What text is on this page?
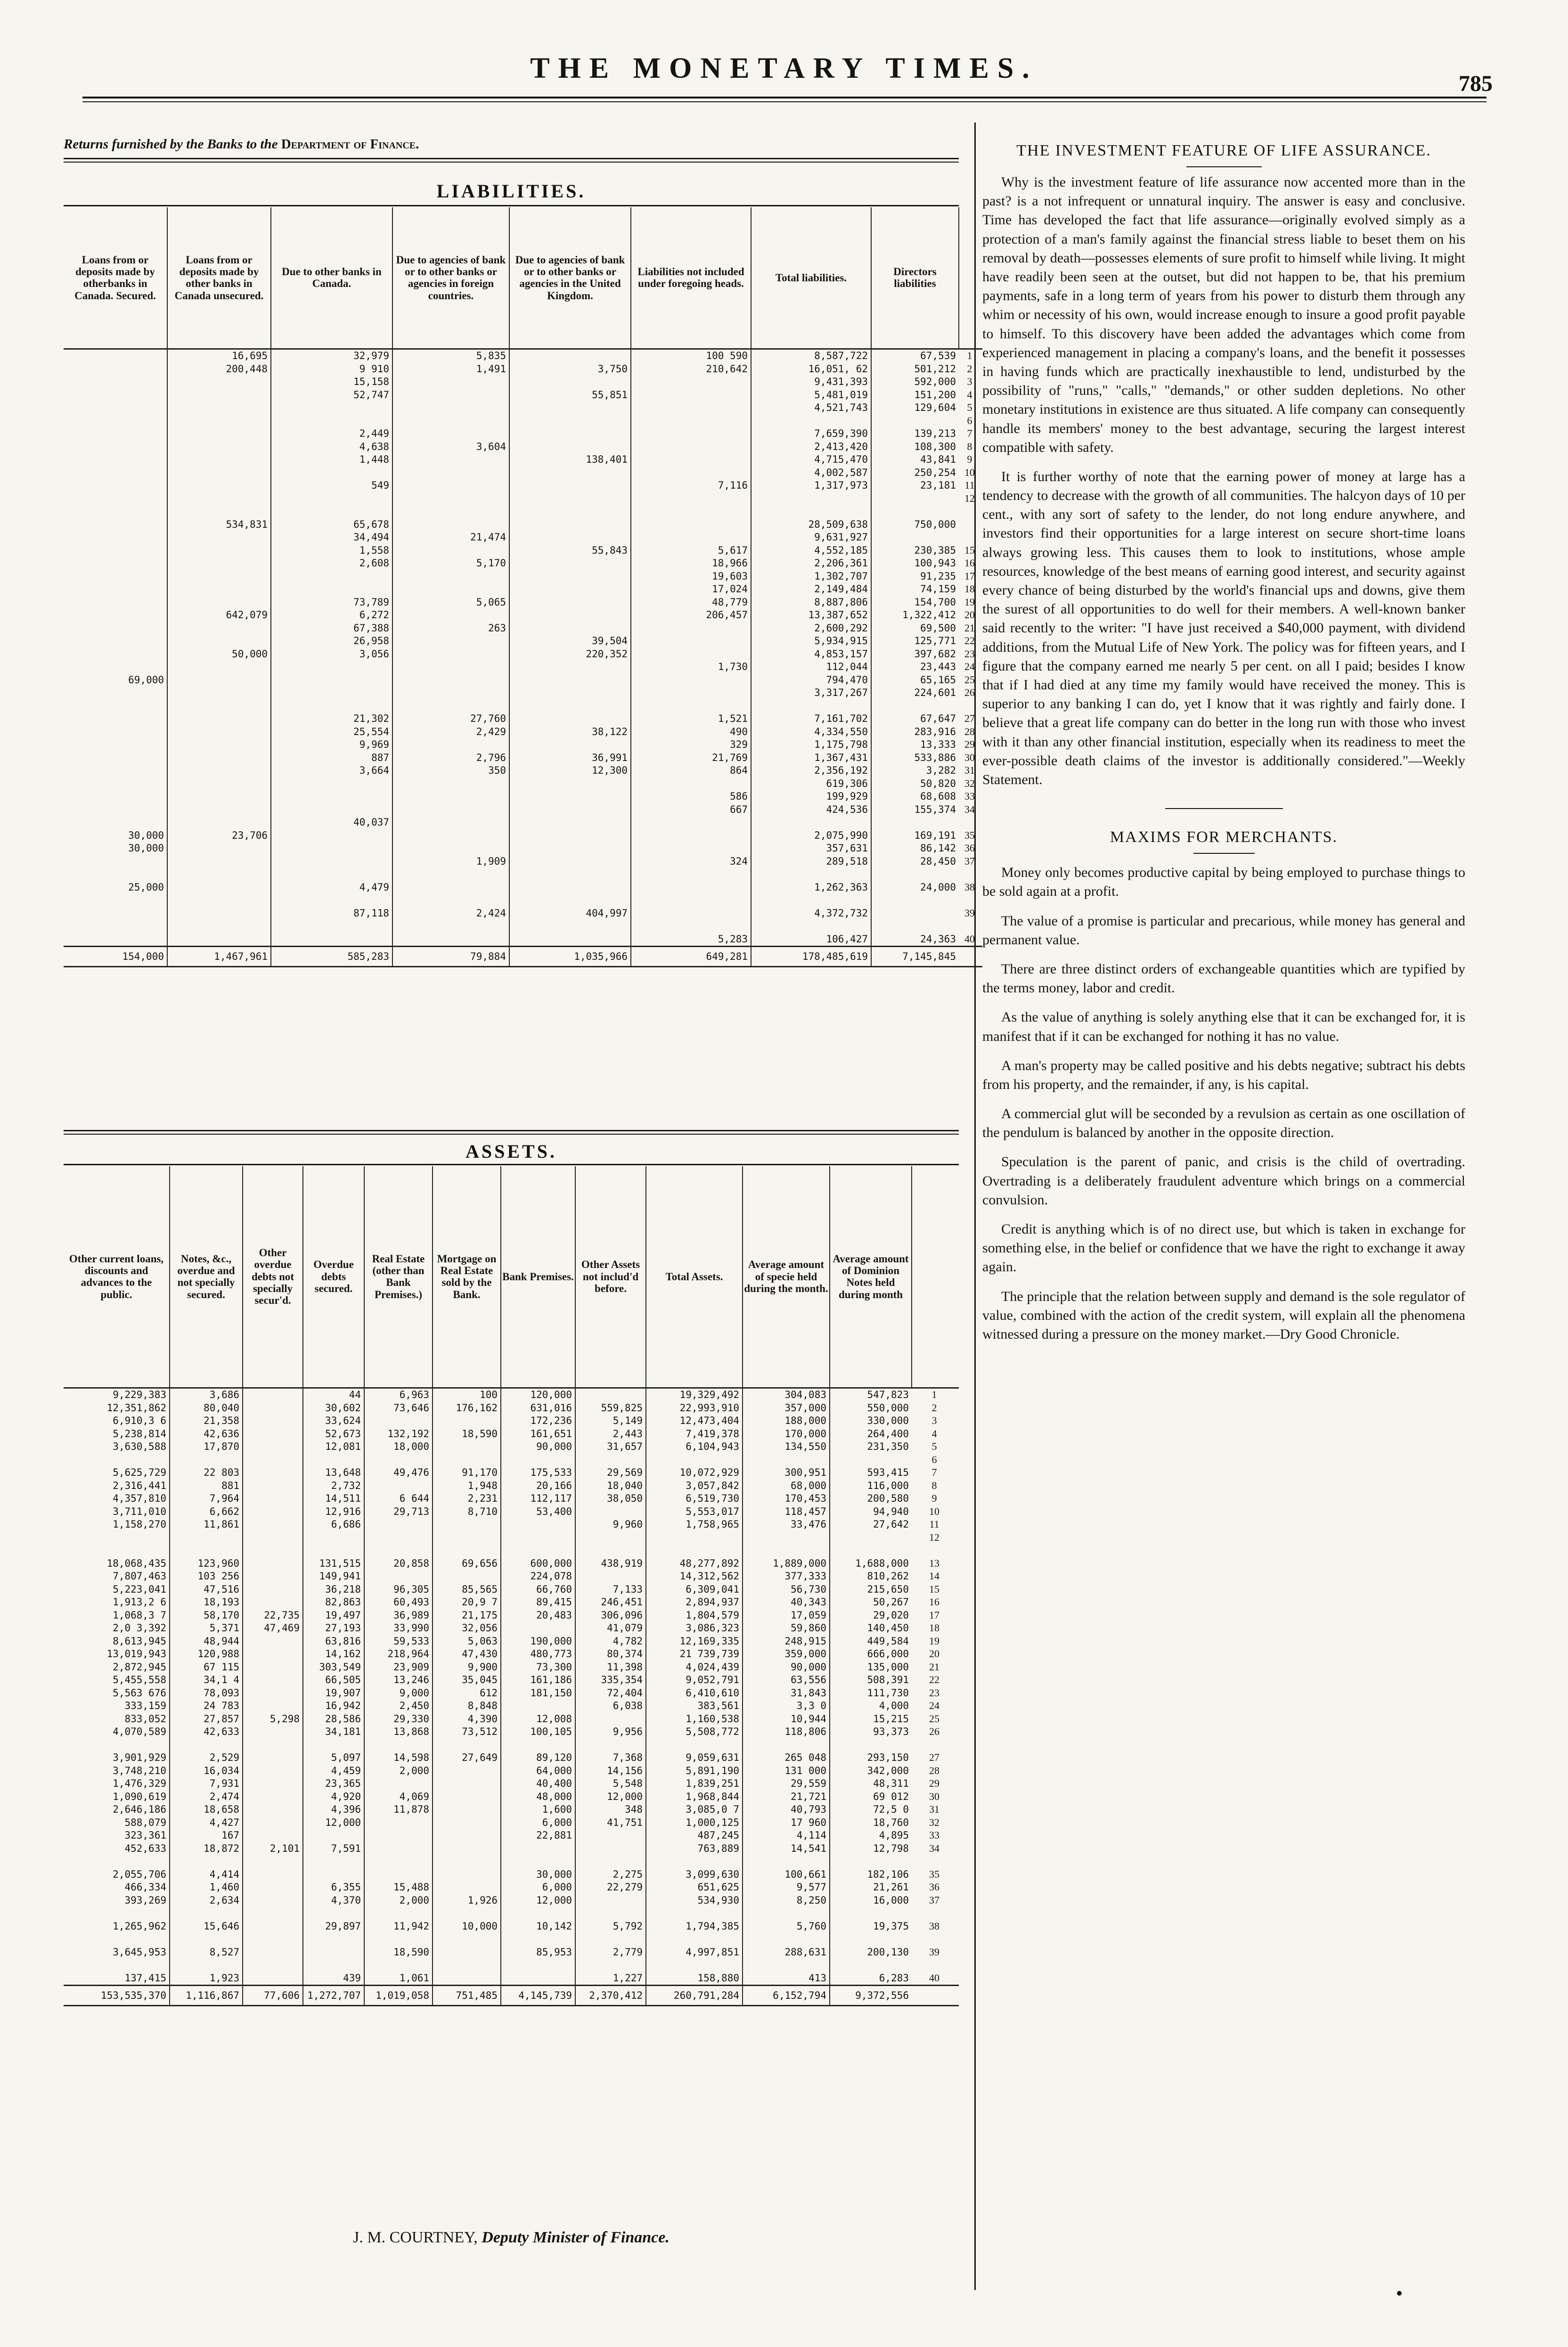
THE MONETARY TIMES.	785
Returns furnished by the Banks to the Department of Finance.
LIABILITIES.
Loans from or deposits made by otherbanks in Canada. Secured.	Loans from or deposits made by other banks in Canada unsecured.	Due to other banks in Canada.	Due to agencies of bank or to other banks or agencies in foreign countries.	Due to agencies of bank or to other banks or agencies in the United Kingdom.	Liabilities not included under foregoing heads.	Total liabilities.	Directors liabilities	
	16,695	32,979	5,835		100 590	8,587,722	67,539	1
	200,448	9 910	1,491	3,750	210,642	16,051, 62	501,212	2
		15,158				9,431,393	592,000	3
		52,747		55,851		5,481,019	151,200	4
						4,521,743	129,604	5
								6
		2,449				7,659,390	139,213	7
		4,638	3,604			2,413,420	108,300	8
		1,448		138,401		4,715,470	43,841	9
						4,002,587	250,254	10
		549			7,116	1,317,973	23,181	11
								12

	534,831	65,678				28,509,638	750,000	
		34,494	21,474			9,631,927		
		1,558		55,843	5,617	4,552,185	230,385	15
		2,608	5,170		18,966	2,206,361	100,943	16
					19,603	1,302,707	91,235	17
					17,024	2,149,484	74,159	18
		73,789	5,065		48,779	8,887,806	154,700	19
	642,079	6,272			206,457	13,387,652	1,322,412	20
		67,388	263			2,600,292	69,500	21
		26,958		39,504		5,934,915	125,771	22
	50,000	3,056		220,352		4,853,157	397,682	23
					1,730	112,044	23,443	24
69,000						794,470	65,165	25
						3,317,267	224,601	26

		21,302	27,760		1,521	7,161,702	67,647	27
		25,554	2,429	38,122	490	4,334,550	283,916	28
		9,969			329	1,175,798	13,333	29
		887	2,796	36,991	21,769	1,367,431	533,886	30
		3,664	350	12,300	864	2,356,192	3,282	31
						619,306	50,820	32
					586	199,929	68,608	33
					667	424,536	155,374	34
		40,037						
30,000	23,706					2,075,990	169,191	35
30,000						357,631	86,142	36
			1,909		324	289,518	28,450	37

25,000		4,479				1,262,363	24,000	38

		87,118	2,424	404,997		4,372,732		39

					5,283	106,427	24,363	40
154,000	1,467,961	585,283	79,884	1,035,966	649,281	178,485,619	7,145,845	
ASSETS.
Other current loans, discounts and advances to the public.	Notes, &c., overdue and not specially secured.	Other overdue debts not specially secur'd.	Overdue debts secured.	Real Estate (other than Bank Premises.)	Mortgage on Real Estate sold by the Bank.	Bank Premises.	Other Assets not includ'd before.	Total Assets.	Average amount of specie held during the month.	Average amount of Dominion Notes held during month	
9,229,383	3,686		44	6,963	100	120,000		19,329,492	304,083	547,823	1
12,351,862	80,040		30,602	73,646	176,162	631,016	559,825	22,993,910	357,000	550,000	2
6,910,3 6	21,358		33,624			172,236	5,149	12,473,404	188,000	330,000	3
5,238,814	42,636		52,673	132,192	18,590	161,651	2,443	7,419,378	170,000	264,400	4
3,630,588	17,870		12,081	18,000		90,000	31,657	6,104,943	134,550	231,350	5
											6
5,625,729	22 803		13,648	49,476	91,170	175,533	29,569	10,072,929	300,951	593,415	7
2,316,441	881		2,732		1,948	20,166	18,040	3,057,842	68,000	116,000	8
4,357,810	7,964		14,511	6 644	2,231	112,117	38,050	6,519,730	170,453	200,580	9
3,711,010	6,662		12,916	29,713	8,710	53,400		5,553,017	118,457	94,940	10
1,158,270	11,861		6,686				9,960	1,758,965	33,476	27,642	11
											12

18,068,435	123,960		131,515	20,858	69,656	600,000	438,919	48,277,892	1,889,000	1,688,000	13
7,807,463	103 256		149,941			224,078		14,312,562	377,333	810,262	14
5,223,041	47,516		36,218	96,305	85,565	66,760	7,133	6,309,041	56,730	215,650	15
1,913,2 6	18,193		82,863	60,493	20,9 7	89,415	246,451	2,894,937	40,343	50,267	16
1,068,3 7	58,170	22,735	19,497	36,989	21,175	20,483	306,096	1,804,579	17,059	29,020	17
2,0 3,392	5,371	47,469	27,193	33,990	32,056		41,079	3,086,323	59,860	140,450	18
8,613,945	48,944		63,816	59,533	5,063	190,000	4,782	12,169,335	248,915	449,584	19
13,019,943	120,988		14,162	218,964	47,430	480,773	80,374	21 739,739	359,000	666,000	20
2,872,945	67 115		303,549	23,909	9,900	73,300	11,398	4,024,439	90,000	135,000	21
5,455,558	34,1 4		66,505	13,246	35,045	161,186	335,354	9,052,791	63,556	508,391	22
5,563 676	78,093		19,907	9,000	612	181,150	72,404	6,410,610	31,843	111,730	23
333,159	24 783		16,942	2,450	8,848		6,038	383,561	3,3 0	4,000	24
833,052	27,857	5,298	28,586	29,330	4,390	12,008		1,160,538	10,944	15,215	25
4,070,589	42,633		34,181	13,868	73,512	100,105	9,956	5,508,772	118,806	93,373	26

3,901,929	2,529		5,097	14,598	27,649	89,120	7,368	9,059,631	265 048	293,150	27
3,748,210	16,034		4,459	2,000		64,000	14,156	5,891,190	131 000	342,000	28
1,476,329	7,931		23,365			40,400	5,548	1,839,251	29,559	48,311	29
1,090,619	2,474		4,920	4,069		48,000	12,000	1,968,844	21,721	69 012	30
2,646,186	18,658		4,396	11,878		1,600	348	3,085,0 7	40,793	72,5 0	31
588,079	4,427		12,000			6,000	41,751	1,000,125	17 960	18,760	32
323,361	167					22,881		487,245	4,114	4,895	33
452,633	18,872	2,101	7,591					763,889	14,541	12,798	34

2,055,706	4,414					30,000	2,275	3,099,630	100,661	182,106	35
466,334	1,460		6,355	15,488		6,000	22,279	651,625	9,577	21,261	36
393,269	2,634		4,370	2,000	1,926	12,000		534,930	8,250	16,000	37

1,265,962	15,646		29,897	11,942	10,000	10,142	5,792	1,794,385	5,760	19,375	38

3,645,953	8,527			18,590		85,953	2,779	4,997,851	288,631	200,130	39

137,415	1,923		439	1,061			1,227	158,880	413	6,283	40
153,535,370	1,116,867	77,606	1,272,707	1,019,058	751,485	4,145,739	2,370,412	260,791,284	6,152,794	9,372,556	
J. M. COURTNEY, Deputy Minister of Finance.
THE INVESTMENT FEATURE OF LIFE ASSURANCE.

Why is the investment feature of life assurance now accented more than in the past? is a not infrequent or unnatural inquiry. The answer is easy and conclusive. Time has developed the fact that life assurance—originally evolved simply as a protection of a man's family against the financial stress liable to beset them on his removal by death—possesses elements of sure profit to himself while living. It might have readily been seen at the outset, but did not happen to be, that his premium payments, safe in a long term of years from his power to disturb them through any whim or necessity of his own, would increase enough to insure a good profit payable to himself. To this discovery have been added the advantages which come from experienced management in placing a company's loans, and the benefit it possesses in having funds which are practically inexhaustible to lend, undisturbed by the possibility of "runs," "calls," "demands," or other sudden depletions. No other monetary institutions in existence are thus situated. A life company can consequently handle its members' money to the best advantage, securing the largest interest compatible with safety.

It is further worthy of note that the earning power of money at large has a tendency to decrease with the growth of all communities. The halcyon days of 10 per cent., with any sort of safety to the lender, do not long endure anywhere, and investors find their opportunities for a large interest on secure short-time loans always growing less. This causes them to look to institutions, whose ample resources, knowledge of the best means of earning good interest, and security against every chance of being disturbed by the world's financial ups and downs, give them the surest of all opportunities to do well for their members. A well-known banker said recently to the writer: "I have just received a $40,000 payment, with dividend additions, from the Mutual Life of New York. The policy was for fifteen years, and I figure that the company earned me nearly 5 per cent. on all I paid; besides I know that if I had died at any time my family would have received the money. This is superior to any banking I can do, yet I know that it was rightly and fairly done. I believe that a great life company can do better in the long run with those who invest with it than any other financial institution, especially when its readiness to meet the ever-possible death claims of the investor is additionally considered."—Weekly Statement.

MAXIMS FOR MERCHANTS.

Money only becomes productive capital by being employed to purchase things to be sold again at a profit.

The value of a promise is particular and precarious, while money has general and permanent value.

There are three distinct orders of exchangeable quantities which are typified by the terms money, labor and credit.

As the value of anything is solely anything else that it can be exchanged for, it is manifest that if it can be exchanged for nothing it has no value.

A man's property may be called positive and his debts negative; subtract his debts from his property, and the remainder, if any, is his capital.

A commercial glut will be seconded by a revulsion as certain as one oscillation of the pendulum is balanced by another in the opposite direction.

Speculation is the parent of panic, and crisis is the child of overtrading. Overtrading is a deliberately fraudulent adventure which brings on a commercial convulsion.

Credit is anything which is of no direct use, but which is taken in exchange for something else, in the belief or confidence that we have the right to exchange it away again.

The principle that the relation between supply and demand is the sole regulator of value, combined with the action of the credit system, will explain all the phenomena witnessed during a pressure on the money market.—Dry Good Chronicle.
